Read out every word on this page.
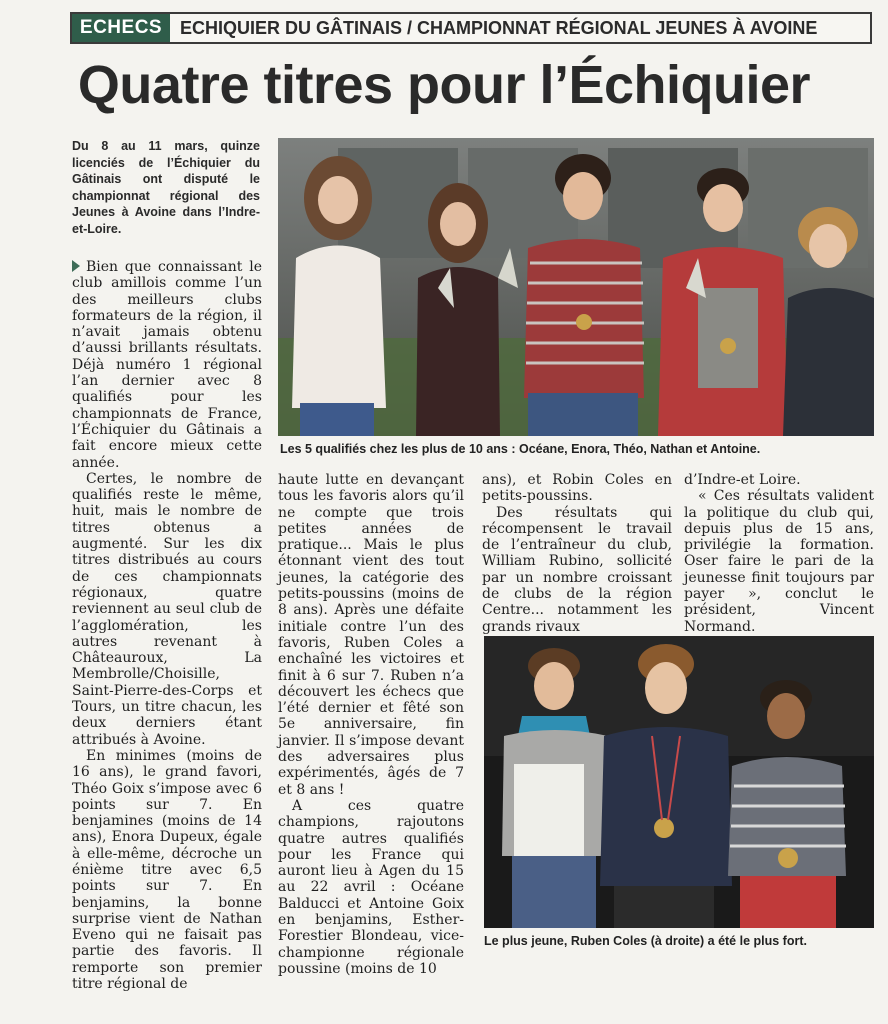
ECHECS ECHIQUIER DU GÂTINAIS / CHAMPIONNAT RÉGIONAL JEUNES À AVOINE
Quatre titres pour l’Échiquier
Du 8 au 11 mars, quinze licenciés de l’Échiquier du Gâtinais ont disputé le championnat régional des Jeunes à Avoine dans l’Indre-et-Loire.
Les 5 qualifiés chez les plus de 10 ans : Océane, Enora, Théo, Nathan et Antoine.

Bien que connaissant le club amillois comme l’un des meilleurs clubs formateurs de la région, il n’avait jamais obtenu d’aussi brillants résultats. Déjà numéro 1 régional l’an dernier avec 8 qualifiés pour les championnats de France, l’Échiquier du Gâtinais a fait encore mieux cette année.

Certes, le nombre de qualifiés reste le même, huit, mais le nombre de titres obtenus a augmenté. Sur les dix titres distribués au cours de ces championnats régionaux, quatre reviennent au seul club de l’agglomération, les autres revenant à Châteauroux, La Membrolle/Choisille, Saint-Pierre-des-Corps et Tours, un titre chacun, les deux derniers étant attribués à Avoine.

En minimes (moins de 16 ans), le grand favori, Théo Goix s’impose avec 6 points sur 7. En benjamines (moins de 14 ans), Enora Dupeux, égale à elle-même, décroche un énième titre avec 6,5 points sur 7. En benjamins, la bonne surprise vient de Nathan Eveno qui ne faisait pas partie des favoris. Il remporte son premier titre régional de

haute lutte en devançant tous les favoris alors qu’il ne compte que trois petites années de pratique... Mais le plus étonnant vient des tout jeunes, la catégorie des petits-poussins (moins de 8 ans). Après une défaite initiale contre l’un des favoris, Ruben Coles a enchaîné les victoires et finit à 6 sur 7. Ruben n’a découvert les échecs que l’été dernier et fêté son 5e anniversaire, fin janvier. Il s’impose devant des adversaires plus expérimentés, âgés de 7 et 8 ans !

A ces quatre champions, rajoutons quatre autres qualifiés pour les France qui auront lieu à Agen du 15 au 22 avril : Océane Balducci et Antoine Goix en benjamins, Esther-Forestier Blondeau, vice-championne régionale poussine (moins de 10

ans), et Robin Coles en petits-poussins.

Des résultats qui récompensent le travail de l’entraîneur du club, William Rubino, sollicité par un nombre croissant de clubs de la région Centre... notamment les grands rivaux

d’Indre-et Loire.

« Ces résultats valident la politique du club qui, depuis plus de 15 ans, privilégie la formation. Oser faire le pari de la jeunesse finit toujours par payer », conclut le président, Vincent Normand.

Le plus jeune, Ruben Coles (à droite) a été le plus fort.
